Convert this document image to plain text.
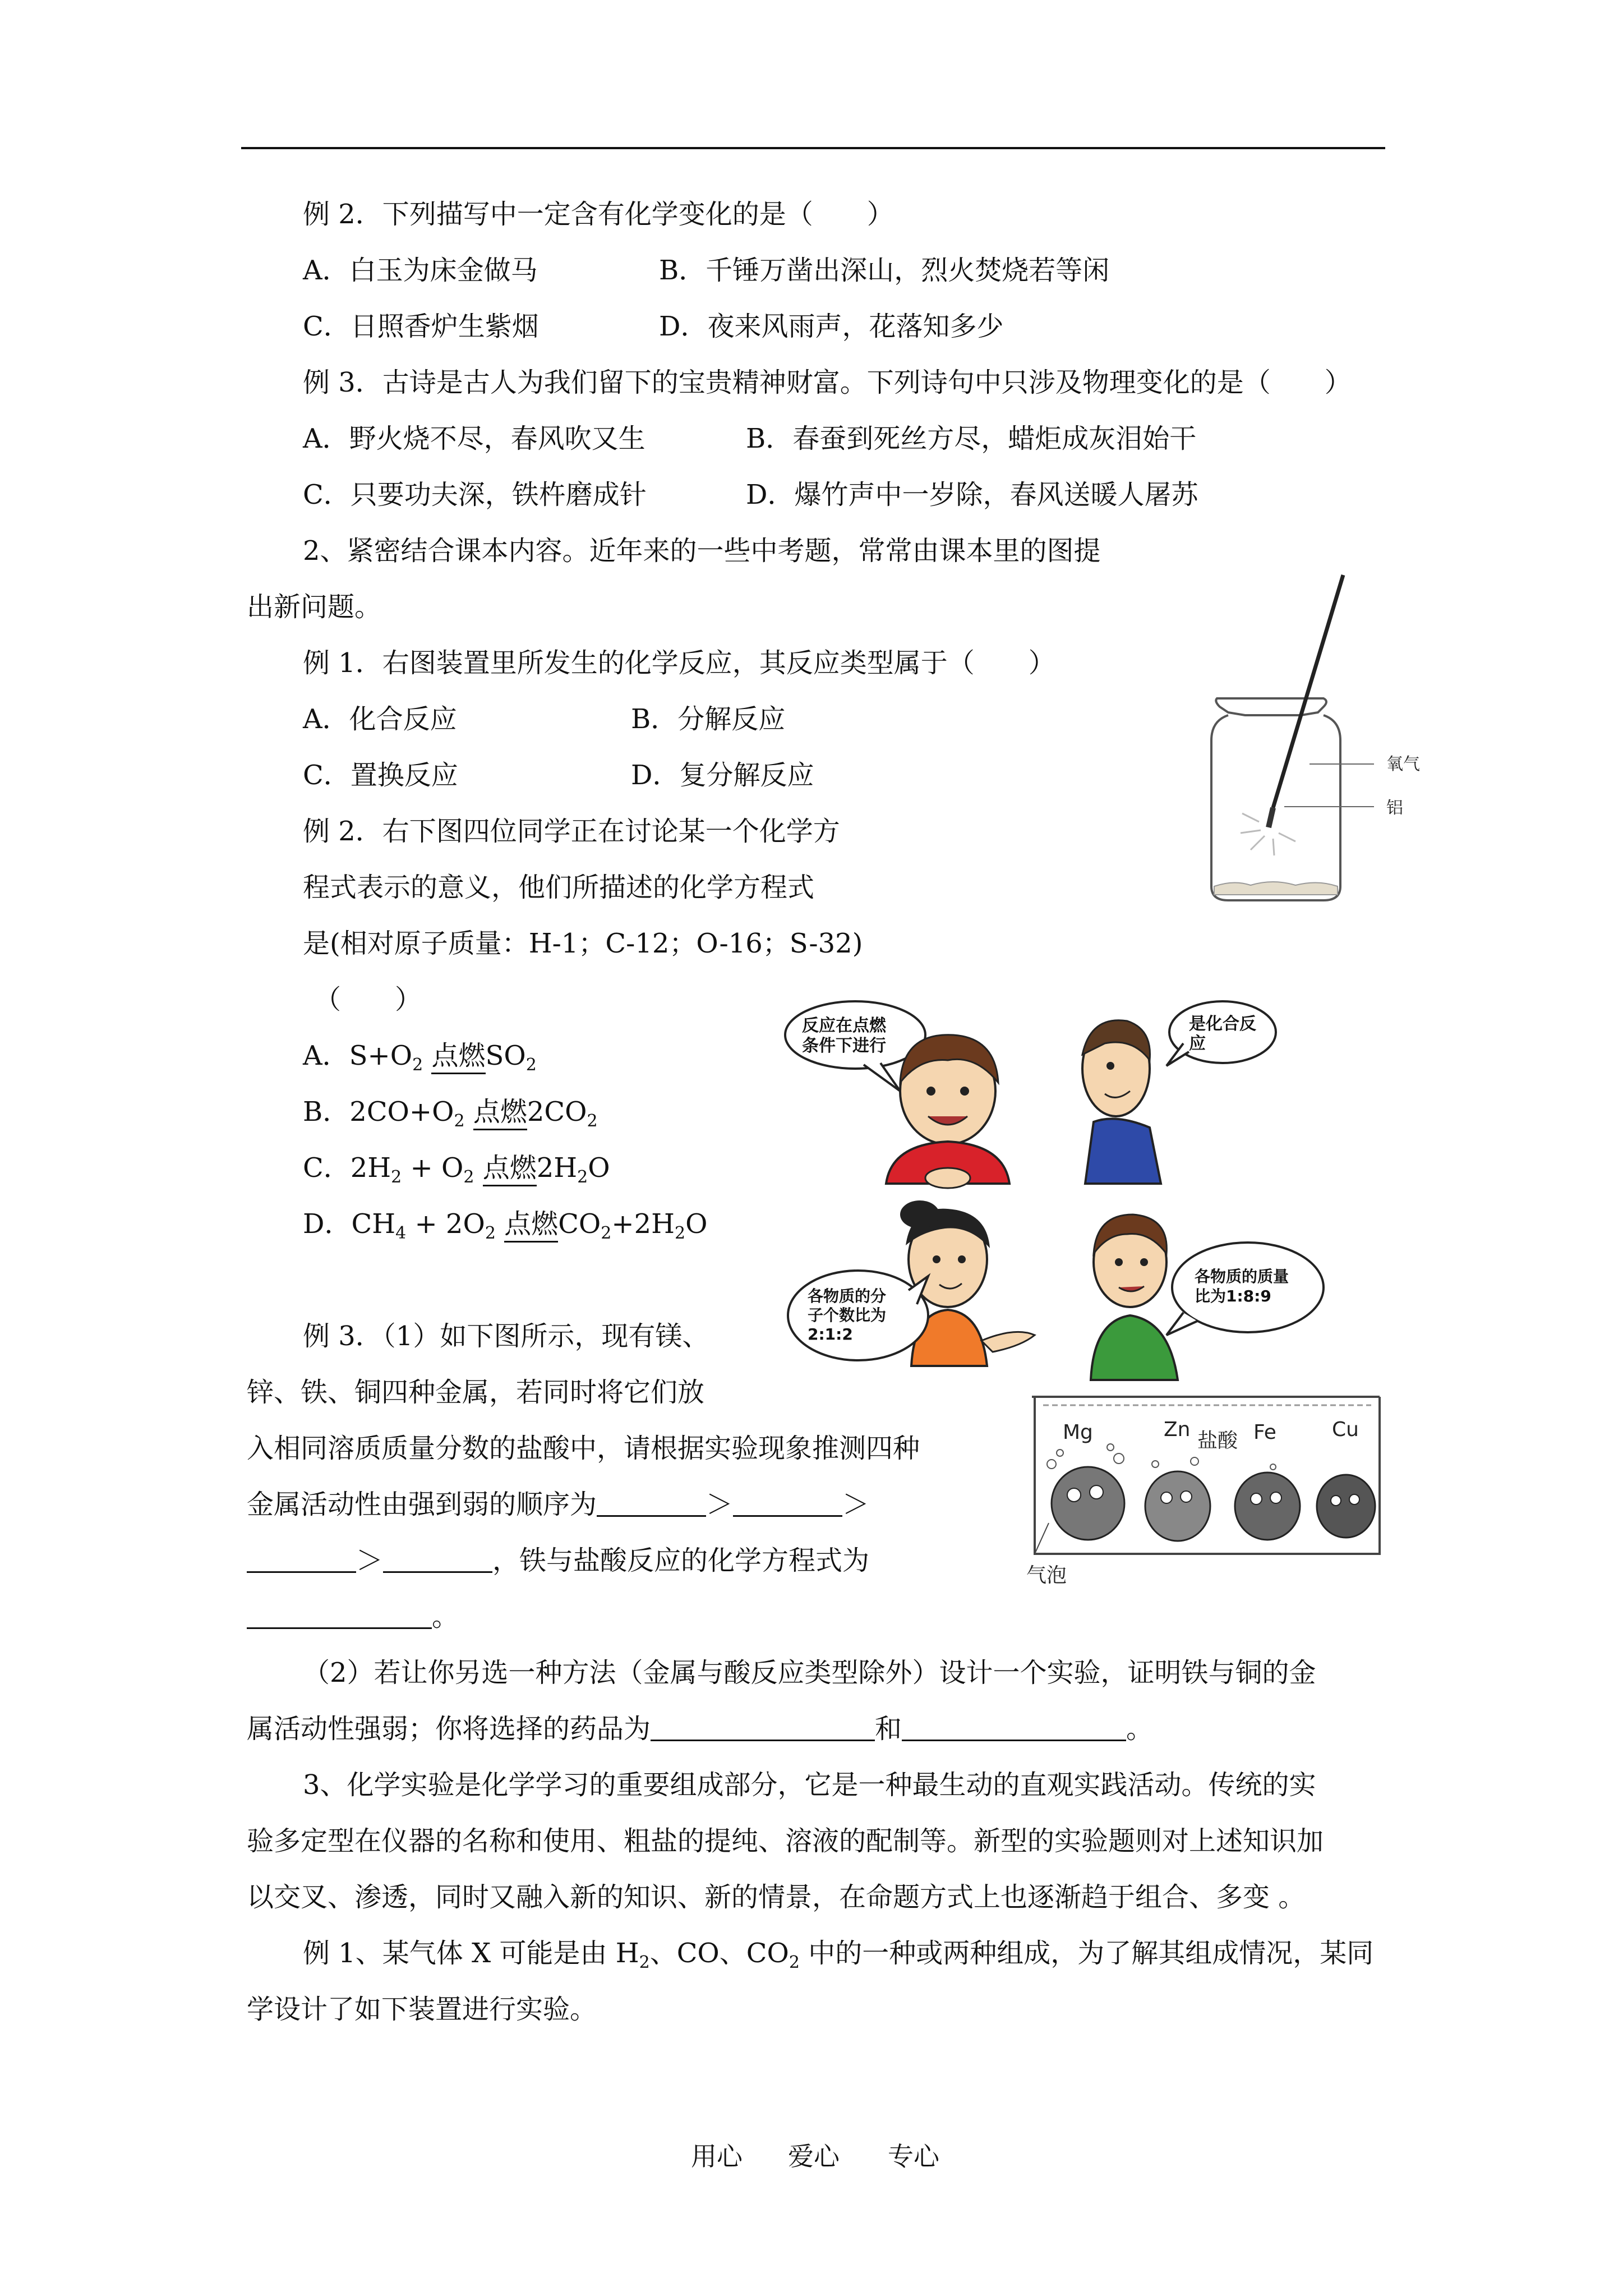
例 2．下列描写中一定含有化学变化的是（　　）
A．白玉为床金做马	B．千锤万凿出深山，烈火焚烧若等闲
C．日照香炉生紫烟	D．夜来风雨声，花落知多少
例 3．古诗是古人为我们留下的宝贵精神财富。下列诗句中只涉及物理变化的是（　　）
A．野火烧不尽，春风吹又生	B．春蚕到死丝方尽，蜡炬成灰泪始干
C．只要功夫深，铁杵磨成针	D．爆竹声中一岁除，春风送暖人屠苏
2、紧密结合课本内容。近年来的一些中考题，常常由课本里的图提
出新问题。
例 1．右图装置里所发生的化学反应，其反应类型属于（　　）
A．化合反应	B．分解反应
C．置换反应	D．复分解反应	氧气
铝
例 2．右下图四位同学正在讨论某一个化学方
程式表示的意义，他们所描述的化学方程式
是(相对原子质量：H-1；C-12；O-16；S-32)
（　　）
A．$S+O_2$ 点燃$SO_2$
B．$2CO+O_2$ 点燃$2CO_2$
C．$2H_2 + O_2$ 点燃$2H_2O$
D．$CH_4 + 2O_2$ 点燃$CO_2+2H_2O$
反应在点燃
条件下进行
是化合反
应
各物质的分
子个数比为
2:1:2
各物质的质量
比为1:8:9
例 3．（1）如下图所示，现有镁、
锌、铁、铜四种金属，若同时将它们放
入相同溶质质量分数的盐酸中，请根据实验现象推测四种
金属活动性由强到弱的顺序为	＞	＞
＞	，铁与盐酸反应的化学方程式为
。
Mg	Zn 盐酸 Fe	Cu
气泡
（2）若让你另选一种方法（金属与酸反应类型除外）设计一个实验，证明铁与铜的金
属活动性强弱；你将选择的药品为	和	。
3、化学实验是化学学习的重要组成部分，它是一种最生动的直观实践活动。传统的实
验多定型在仪器的名称和使用、粗盐的提纯、溶液的配制等。新型的实验题则对上述知识加
以交叉、渗透，同时又融入新的知识、新的情景，在命题方式上也逐渐趋于组合、多变 。
例 1、某气体 X 可能是由 $H_2$、CO、$CO_2$ 中的一种或两种组成，为了解其组成情况，某同
学设计了如下装置进行实验。
用心 爱心 专心
